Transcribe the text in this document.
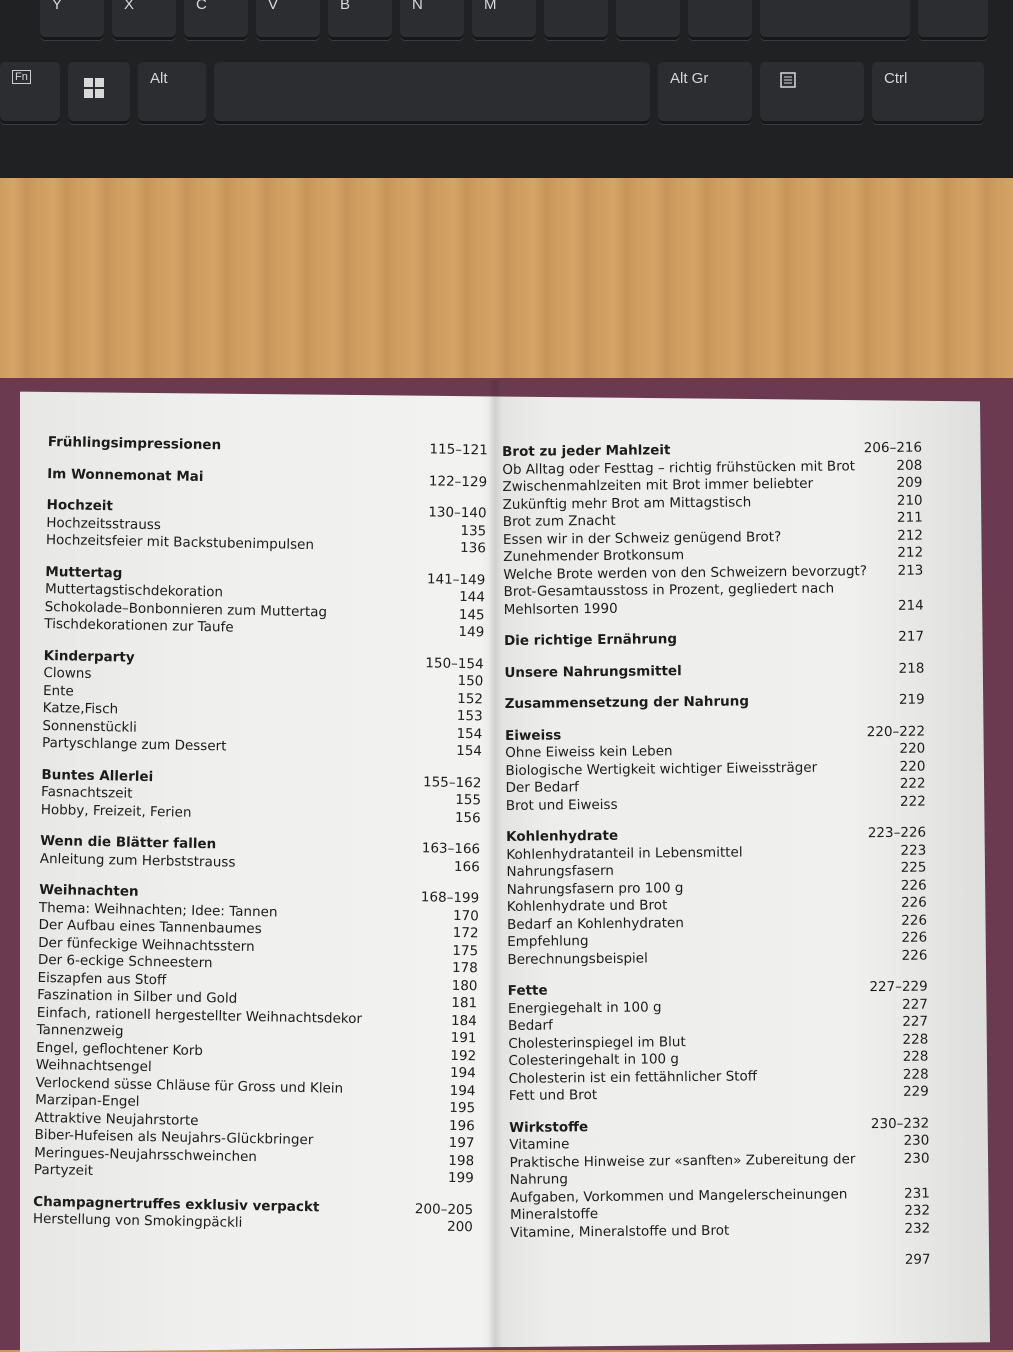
Y	X	C	V	B	N	M
Fn	Alt	Alt Gr	Ctrl
Frühlingsimpressionen	115–121
Im Wonnemonat Mai	122–129
Hochzeit	130–140
Hochzeitsstrauss	135
Hochzeitsfeier mit Backstubenimpulsen	136
Muttertag	141–149
Muttertagstischdekoration	144
Schokolade–Bonbonnieren zum Muttertag	145
Tischdekorationen zur Taufe	149
Kinderparty	150–154
Clowns	150
Ente	152
Katze,Fisch	153
Sonnenstückli	154
Partyschlange zum Dessert	154
Buntes Allerlei	155–162
Fasnachtszeit	155
Hobby, Freizeit, Ferien	156
Wenn die Blätter fallen	163–166
Anleitung zum Herbststrauss	166
Weihnachten	168–199
Thema: Weihnachten; Idee: Tannen	170
Der Aufbau eines Tannenbaumes	172
Der fünfeckige Weihnachtsstern	175
Der 6-eckige Schneestern	178
Eiszapfen aus Stoff	180
Faszination in Silber und Gold	181
Einfach, rationell hergestellter Weihnachtsdekor	184
Tannenzweig	191
Engel, geflochtener Korb	192
Weihnachtsengel	194
Verlockend süsse Chläuse für Gross und Klein	194
Marzipan-Engel	195
Attraktive Neujahrstorte	196
Biber-Hufeisen als Neujahrs-Glückbringer	197
Meringues-Neujahrsschweinchen	198
Partyzeit	199
Champagnertruffes exklusiv verpackt	200–205
Herstellung von Smokingpäckli	200
Brot zu jeder Mahlzeit	206–216
Ob Alltag oder Festtag – richtig frühstücken mit Brot	208
Zwischenmahlzeiten mit Brot immer beliebter	209
Zukünftig mehr Brot am Mittagstisch	210
Brot zum Znacht	211
Essen wir in der Schweiz genügend Brot?	212
Zunehmender Brotkonsum	212
Welche Brote werden von den Schweizern bevorzugt? 213
Brot-Gesamtausstoss in Prozent, gegliedert nach
Mehlsorten 1990	214
Die richtige Ernährung	217
Unsere Nahrungsmittel	218
Zusammensetzung der Nahrung	219
Eiweiss	220–222
Ohne Eiweiss kein Leben	220
Biologische Wertigkeit wichtiger Eiweissträger	220
Der Bedarf	222
Brot und Eiweiss	222
Kohlenhydrate	223–226
Kohlenhydratanteil in Lebensmittel	223
Nahrungsfasern	225
Nahrungsfasern pro 100 g	226
Kohlenhydrate und Brot	226
Bedarf an Kohlenhydraten	226
Empfehlung	226
Berechnungsbeispiel	226
Fette	227–229
Energiegehalt in 100 g	227
Bedarf	227
Cholesterinspiegel im Blut	228
Colesteringehalt in 100 g	228
Cholesterin ist ein fettähnlicher Stoff	228
Fett und Brot	229
Wirkstoffe	230–232
Vitamine	230
Praktische Hinweise zur «sanften» Zubereitung der Nahrung
230
Aufgaben, Vorkommen und Mangelerscheinungen	231
Mineralstoffe	232
Vitamine, Mineralstoffe und Brot	232
297
